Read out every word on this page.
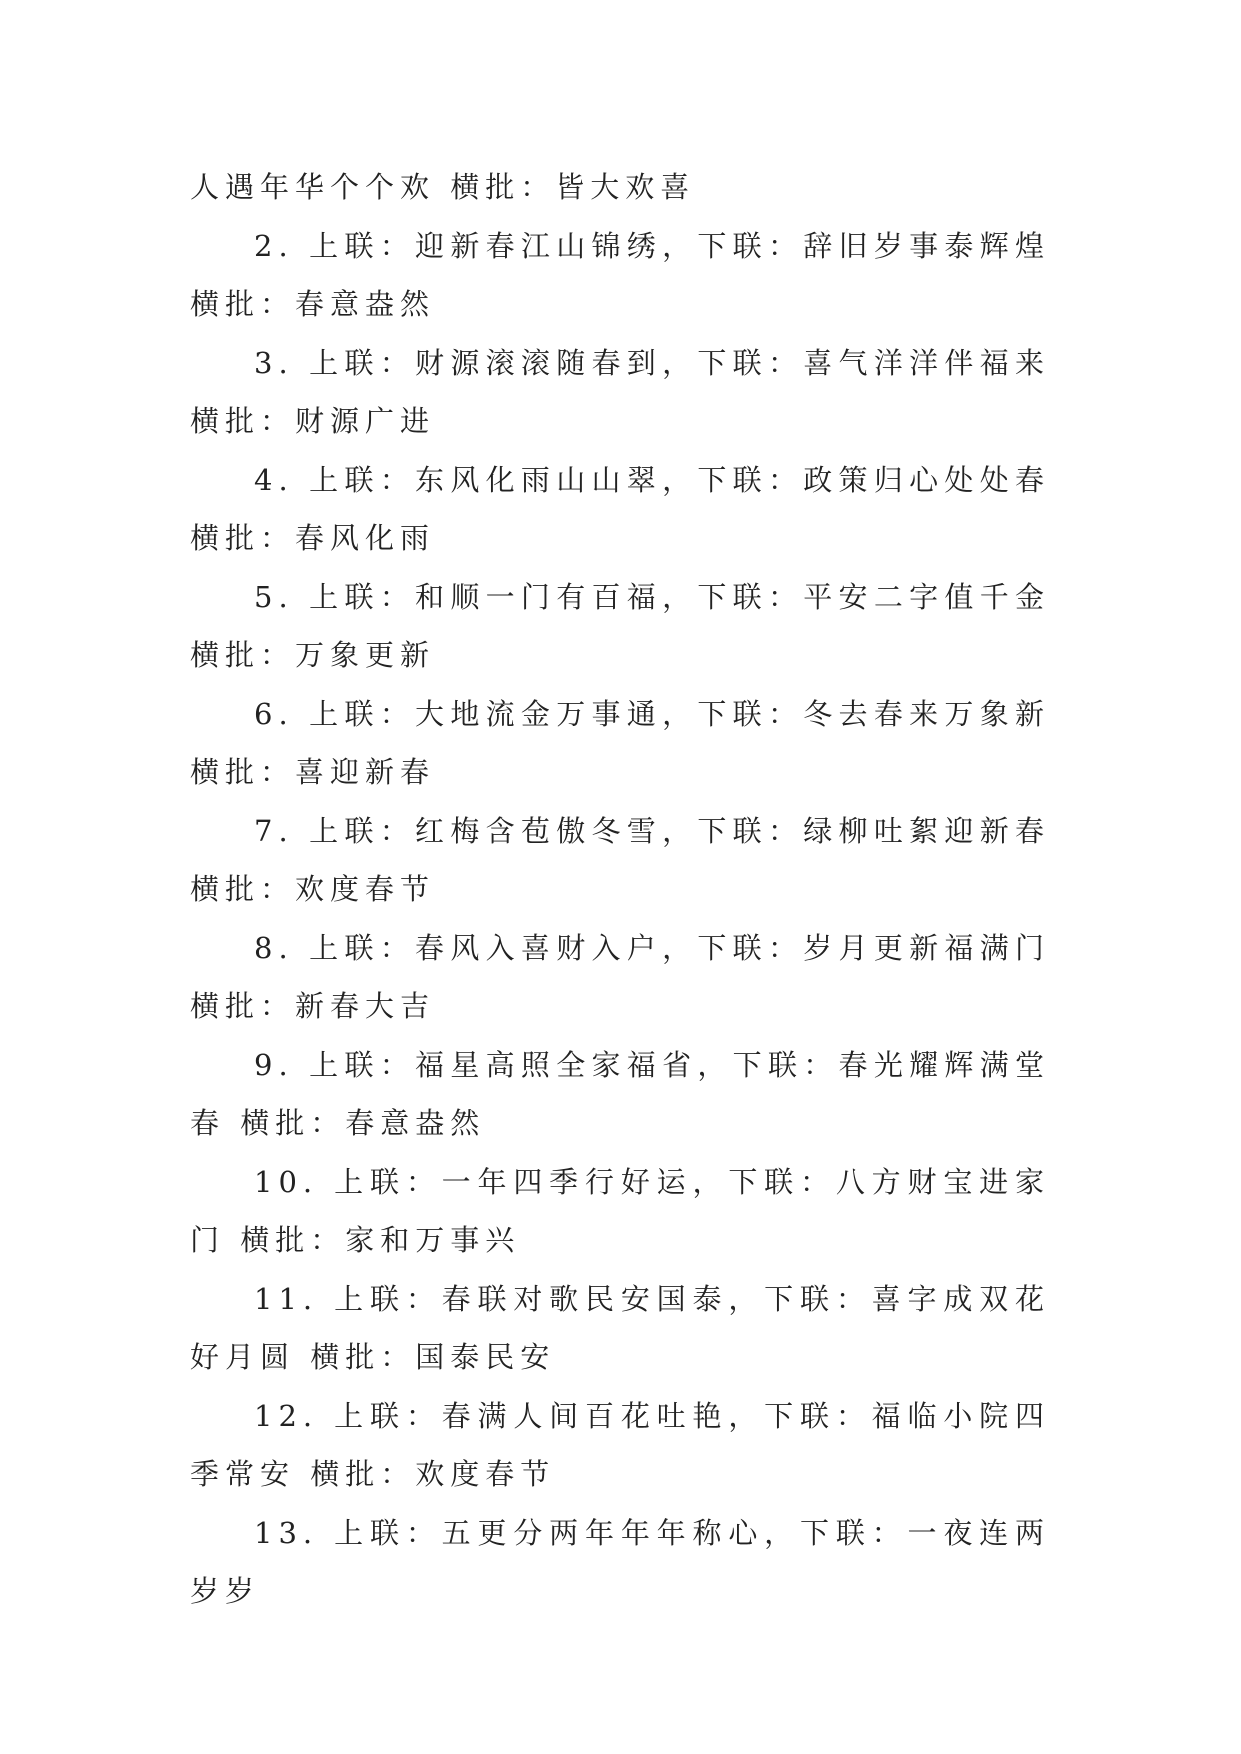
人遇年华个个欢 横批：皆大欢喜

2. 上联：迎新春江山锦绣，下联：辞旧岁事泰辉煌 横批：春意盎然

3. 上联：财源滚滚随春到，下联：喜气洋洋伴福来 横批：财源广进

4. 上联：东风化雨山山翠，下联：政策归心处处春 横批：春风化雨

5. 上联：和顺一门有百福，下联：平安二字值千金 横批：万象更新

6. 上联：大地流金万事通，下联：冬去春来万象新 横批：喜迎新春

7. 上联：红梅含苞傲冬雪，下联：绿柳吐絮迎新春 横批：欢度春节

8. 上联：春风入喜财入户，下联：岁月更新福满门 横批：新春大吉

9. 上联：福星高照全家福省，下联：春光耀辉满堂春 横批：春意盎然

10. 上联：一年四季行好运，下联：八方财宝进家门 横批：家和万事兴

11. 上联：春联对歌民安国泰，下联：喜字成双花好月圆 横批：国泰民安

12. 上联：春满人间百花吐艳，下联：福临小院四季常安 横批：欢度春节

13. 上联：五更分两年年年称心，下联：一夜连两岁岁
